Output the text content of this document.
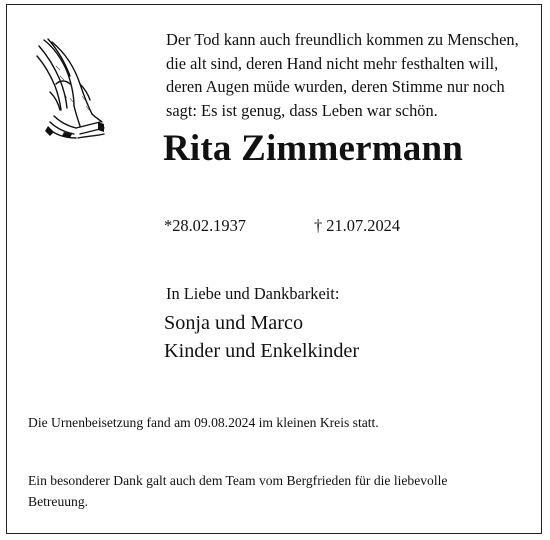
Der Tod kann auch freundlich kommen zu Menschen,
die alt sind, deren Hand nicht mehr festhalten will,
deren Augen müde wurden, deren Stimme nur noch
sagt: Es ist genug, dass Leben war schön.
Rita Zimmermann
*28.02.1937	† 21.07.2024
In Liebe und Dankbarkeit:
Sonja und Marco
Kinder und Enkelkinder
Die Urnenbeisetzung fand am 09.08.2024 im kleinen Kreis statt.

Ein besonderer Dank galt auch dem Team vom Bergfrieden für die liebevolle Betreuung.
